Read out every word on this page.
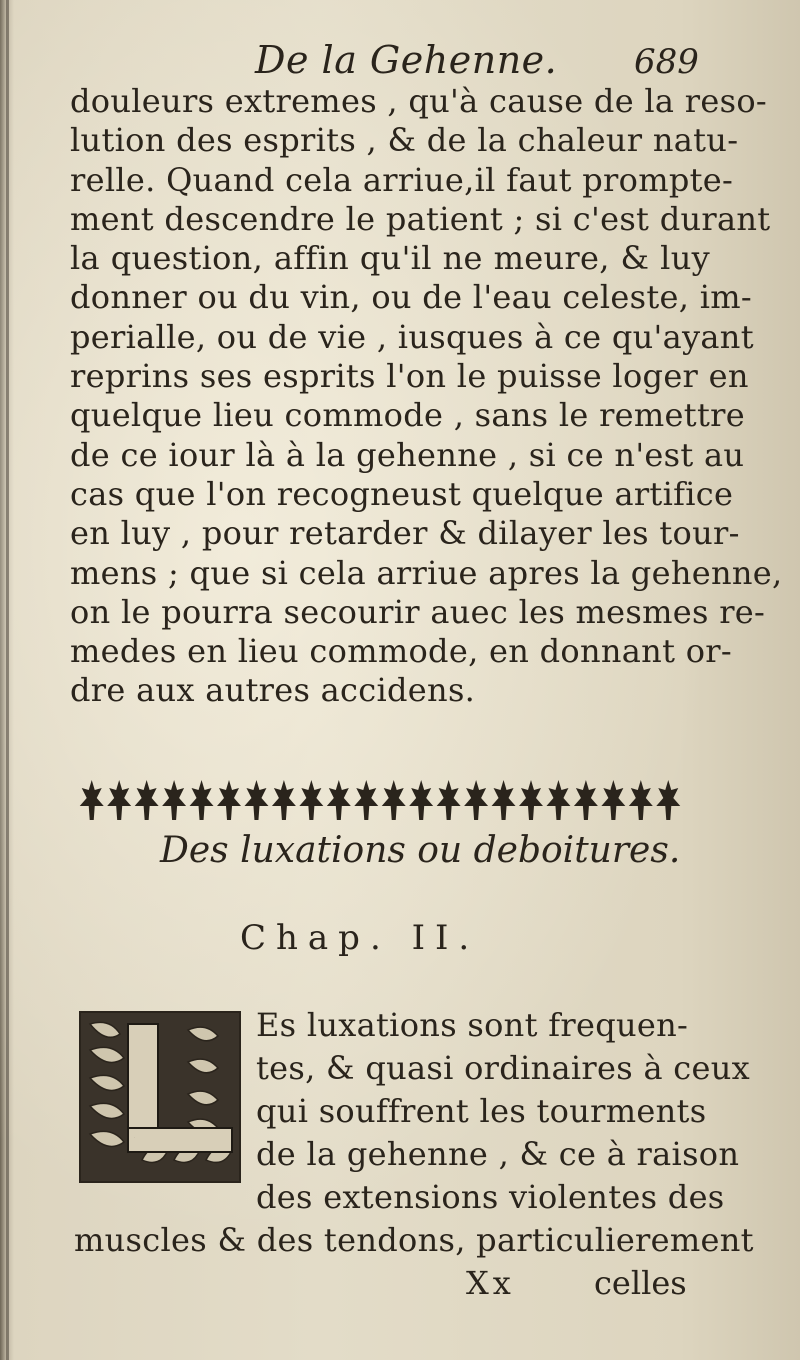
De la Gehenne. 689
douleurs extremes , qu'à cause de la reso-
lution des esprits , & de la chaleur natu-
relle. Quand cela arriue,il faut prompte-
ment descendre le patient ; si c'est durant
la question, affin qu'il ne meure, & luy
donner ou du vin, ou de l'eau celeste, im-
perialle, ou de vie , iusques à ce qu'ayant
reprins ses esprits l'on le puisse loger en
quelque lieu commode , sans le remettre
de ce iour là à la gehenne , si ce n'est au
cas que l'on recogneust quelque artifice
en luy , pour retarder & dilayer les tour-
mens ; que si cela arriue apres la gehenne,
on le pourra secourir auec les mesmes re-
medes en lieu commode, en donnant or-
dre aux autres accidens.
Des luxations ou deboitures.
Chap. II.
L
Es luxations sont frequen-
tes, & quasi ordinaires à ceux
qui souffrent les tourments
de la gehenne , & ce à raison
des extensions violentes des
muscles & des tendons, particulierement
Xx celles
